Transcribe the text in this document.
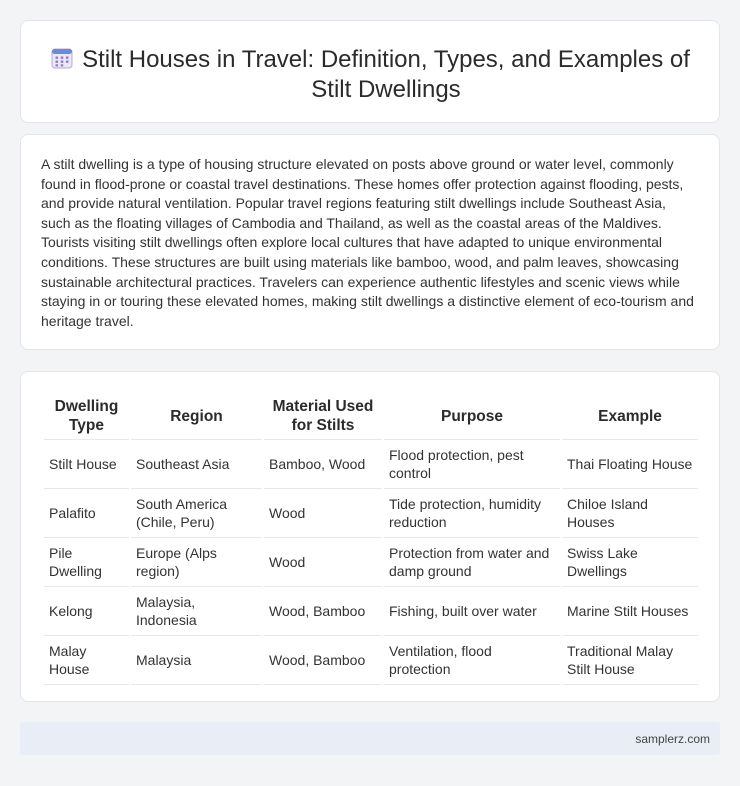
Stilt Houses in Travel: Definition, Types, and Examples of Stilt Dwellings

A stilt dwelling is a type of housing structure elevated on posts above ground or water level, commonly found in flood-prone or coastal travel destinations. These homes offer protection against flooding, pests, and provide natural ventilation. Popular travel regions featuring stilt dwellings include Southeast Asia, such as the floating villages of Cambodia and Thailand, as well as the coastal areas of the Maldives. Tourists visiting stilt dwellings often explore local cultures that have adapted to unique environmental conditions. These structures are built using materials like bamboo, wood, and palm leaves, showcasing sustainable architectural practices. Travelers can experience authentic lifestyles and scenic views while staying in or touring these elevated homes, making stilt dwellings a distinctive element of eco-tourism and heritage travel.

Dwelling Type	Region	Material Used for Stilts	Purpose	Example
Stilt House	Southeast Asia	Bamboo, Wood	Flood protection, pest control	Thai Floating House
Palafito	South America (Chile, Peru)	Wood	Tide protection, humidity reduction	Chiloe Island Houses
Pile Dwelling	Europe (Alps region)	Wood	Protection from water and damp ground	Swiss Lake Dwellings
Kelong	Malaysia, Indonesia	Wood, Bamboo	Fishing, built over water	Marine Stilt Houses
Malay House	Malaysia	Wood, Bamboo	Ventilation, flood protection	Traditional Malay Stilt House
samplerz.com
